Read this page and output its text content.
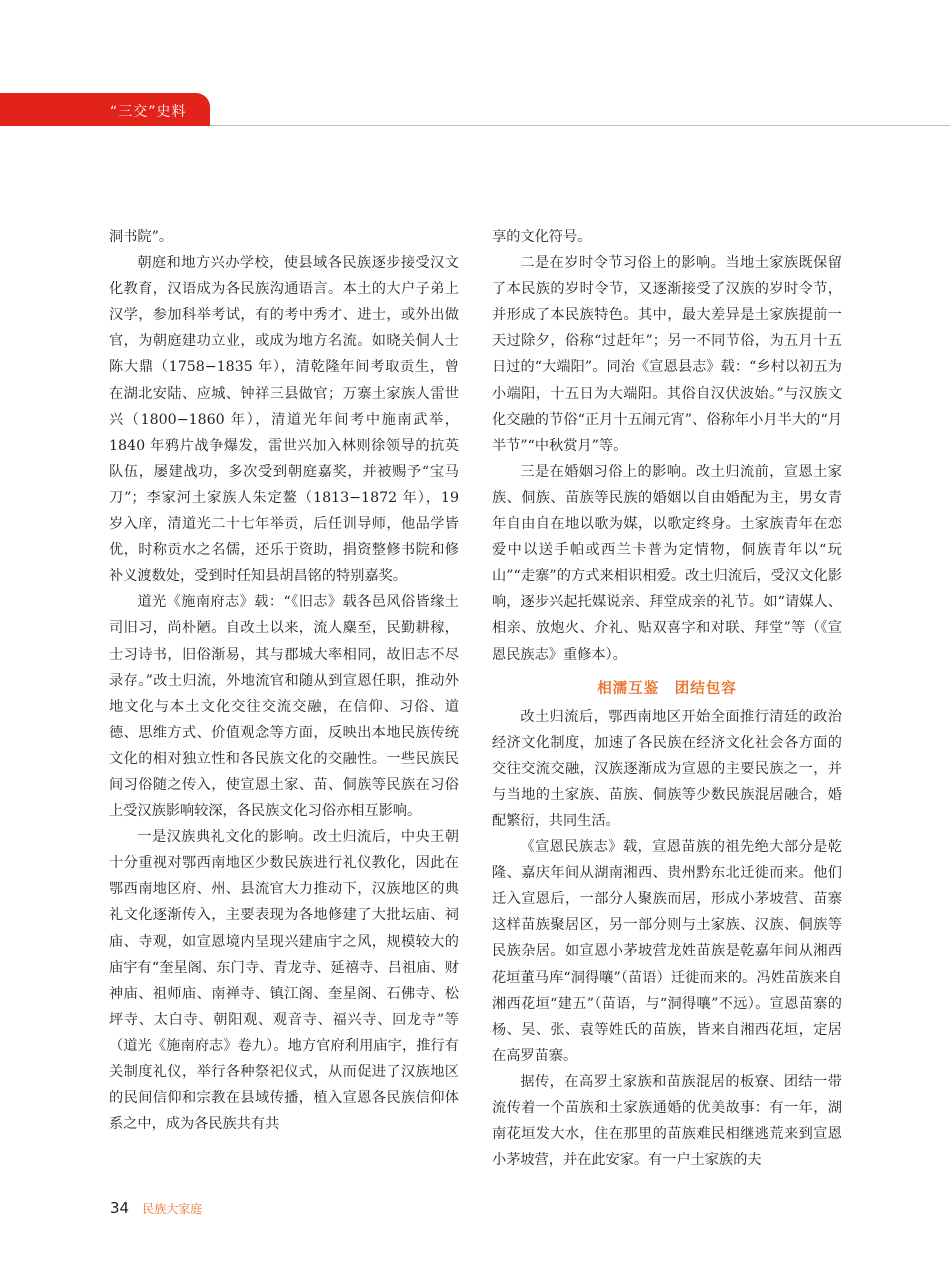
“三交”史料

洞书院”。

朝庭和地方兴办学校，使县域各民族逐步接受汉文化教育，汉语成为各民族沟通语言。本土的大户子弟上汉学，参加科举考试，有的考中秀才、进士，或外出做官，为朝庭建功立业，或成为地方名流。如晓关侗人士陈大鼎（1758−1835 年），清乾隆年间考取贡生，曾在湖北安陆、应城、钟祥三县做官；万寨土家族人雷世兴（1800−1860 年），清道光年间考中施南武举，1840 年鸦片战争爆发，雷世兴加入林则徐领导的抗英队伍，屡建战功，多次受到朝庭嘉奖，并被赐予“宝马刀”；李家河土家族人朱定鳌（1813−1872 年），19 岁入庠，清道光二十七年举贡，后任训导师，他品学皆优，时称贡水之名儒，还乐于资助，捐资整修书院和修补义渡数处，受到时任知县胡昌铭的特别嘉奖。

道光《施南府志》载：“《旧志》载各邑风俗皆缘土司旧习，尚朴陋。自改土以来，流人麋至，民勤耕稼，士习诗书，旧俗渐易，其与郡城大率相同，故旧志不尽录存。”改土归流，外地流官和随从到宣恩任职，推动外地文化与本土文化交往交流交融，在信仰、习俗、道德、思维方式、价值观念等方面，反映出本地民族传统文化的相对独立性和各民族文化的交融性。一些民族民间习俗随之传入，使宣恩土家、苗、侗族等民族在习俗上受汉族影响较深，各民族文化习俗亦相互影响。

一是汉族典礼文化的影响。改土归流后，中央王朝十分重视对鄂西南地区少数民族进行礼仪教化，因此在鄂西南地区府、州、县流官大力推动下，汉族地区的典礼文化逐渐传入，主要表现为各地修建了大批坛庙、祠庙、寺观，如宣恩境内呈现兴建庙宇之风，规模较大的庙宇有“奎星阁、东门寺、青龙寺、延禧寺、吕祖庙、财神庙、祖师庙、南禅寺、镇江阁、奎星阁、石佛寺、松坪寺、太白寺、朝阳观、观音寺、福兴寺、回龙寺”等（道光《施南府志》卷九）。地方官府利用庙宇，推行有关制度礼仪，举行各种祭祀仪式，从而促进了汉族地区的民间信仰和宗教在县域传播，植入宣恩各民族信仰体系之中，成为各民族共有共

享的文化符号。

二是在岁时令节习俗上的影响。当地土家族既保留了本民族的岁时令节，又逐渐接受了汉族的岁时令节，并形成了本民族特色。其中，最大差异是土家族提前一天过除夕，俗称“过赶年”；另一不同节俗，为五月十五日过的“大端阳”。同治《宣恩县志》载：“乡村以初五为小端阳，十五日为大端阳。其俗自汉伏波始。”与汉族文化交融的节俗“正月十五闹元宵”、俗称年小月半大的“月半节”“中秋赏月”等。

三是在婚姻习俗上的影响。改土归流前，宣恩土家族、侗族、苗族等民族的婚姻以自由婚配为主，男女青年自由自在地以歌为媒，以歌定终身。土家族青年在恋爱中以送手帕或西兰卡普为定情物，侗族青年以“玩山”“走寨”的方式来相识相爱。改土归流后，受汉文化影响，逐步兴起托媒说亲、拜堂成亲的礼节。如“请媒人、相亲、放炮火、介礼、贴双喜字和对联、拜堂”等（《宣恩民族志》重修本）。

相濡互鉴　团结包容

改土归流后，鄂西南地区开始全面推行清廷的政治经济文化制度，加速了各民族在经济文化社会各方面的交往交流交融，汉族逐渐成为宣恩的主要民族之一，并与当地的土家族、苗族、侗族等少数民族混居融合，婚配繁衍，共同生活。

《宣恩民族志》载，宣恩苗族的祖先绝大部分是乾隆、嘉庆年间从湖南湘西、贵州黔东北迁徙而来。他们迁入宣恩后，一部分人聚族而居，形成小茅坡营、苗寨这样苗族聚居区，另一部分则与土家族、汉族、侗族等民族杂居。如宣恩小茅坡营龙姓苗族是乾嘉年间从湘西花垣董马库“洞得嚷”（苗语）迁徙而来的。冯姓苗族来自湘西花垣“建五”（苗语，与“洞得嚷”不远）。宣恩苗寨的杨、吴、张、袁等姓氏的苗族，皆来自湘西花垣，定居在高罗苗寨。

据传，在高罗土家族和苗族混居的板寮、团结一带流传着一个苗族和土家族通婚的优美故事：有一年，湖南花垣发大水，住在那里的苗族难民相继逃荒来到宣恩小茅坡营，并在此安家。有一户土家族的夫

34 民族大家庭
